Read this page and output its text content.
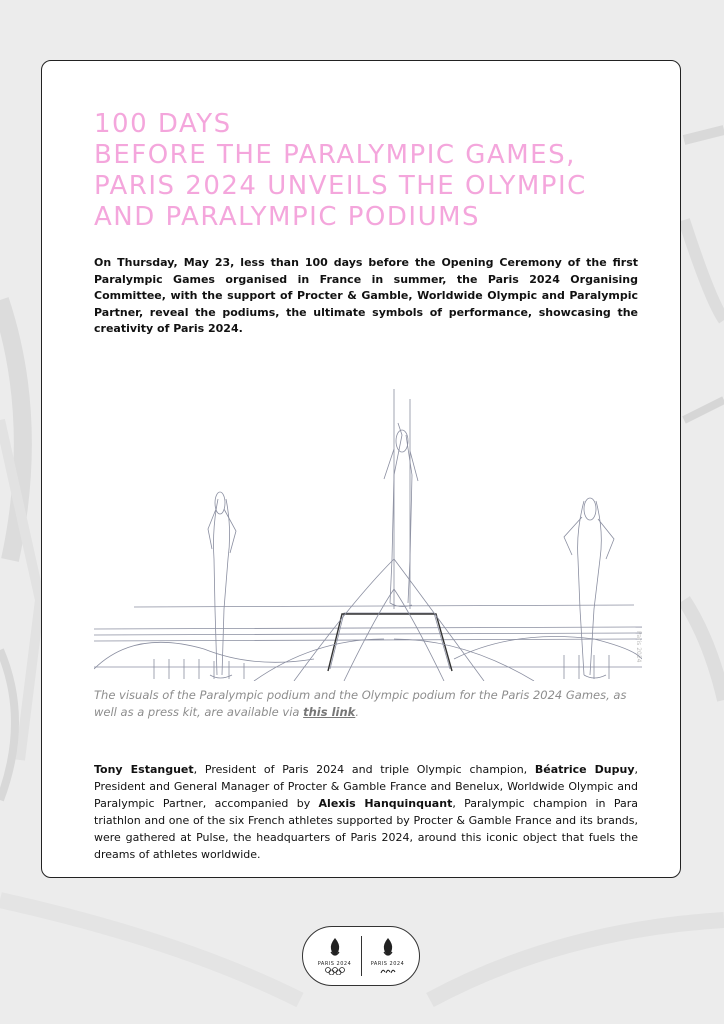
100 DAYS
BEFORE THE PARALYMPIC GAMES,
PARIS 2024 UNVEILS THE OLYMPIC
AND PARALYMPIC PODIUMS

On Thursday, May 23, less than 100 days before the Opening Ceremony of the first Paralympic Games organised in France in summer, the Paris 2024 Organising Committee, with the support of Procter & Gamble, Worldwide Olympic and Paralympic Partner, reveal the podiums, the ultimate symbols of performance, showcasing the creativity of Paris 2024.

Paris 2024

The visuals of the Paralympic podium and the Olympic podium for the Paris 2024 Games, as well as a press kit, are available via this link.

Tony Estanguet, President of Paris 2024 and triple Olympic champion, Béatrice Dupuy, President and General Manager of Procter & Gamble France and Benelux, Worldwide Olympic and Paralympic Partner, accompanied by Alexis Hanquinquant, Paralympic champion in Para triathlon and one of the six French athletes supported by Procter & Gamble France and its brands, were gathered at Pulse, the headquarters of Paris 2024, around this iconic object that fuels the dreams of athletes worldwide.

PARIS 2024	PARIS 2024
